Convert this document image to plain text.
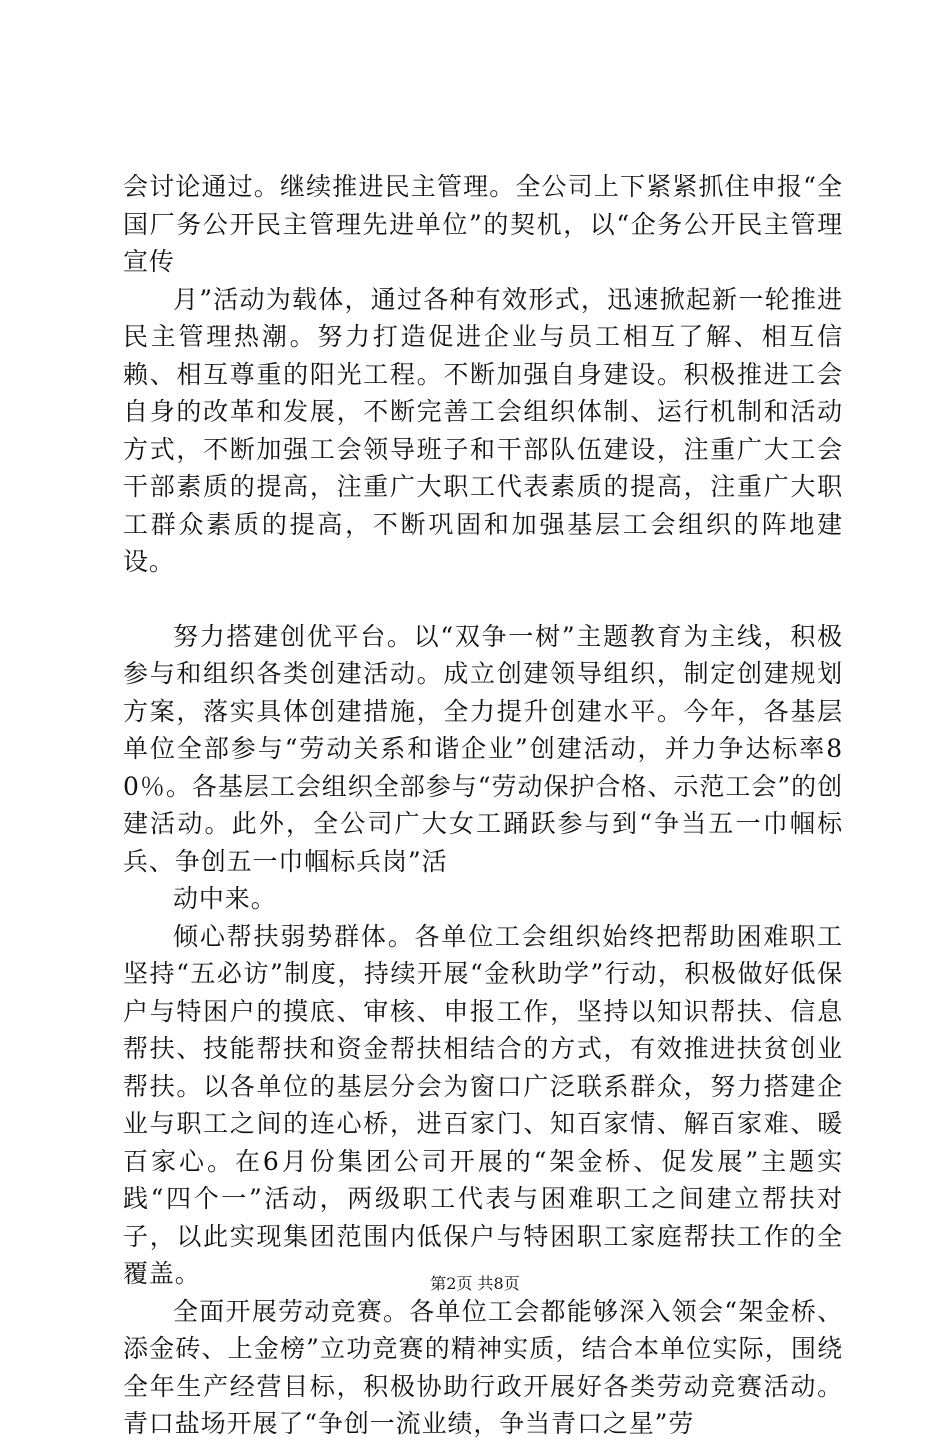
会讨论通过。继续推进民主管理。全公司上下紧紧抓住申报“全国厂务公开民主管理先进单位”的契机，以“企务公开民主管理宣传

月”活动为载体，通过各种有效形式，迅速掀起新一轮推进民主管理热潮。努力打造促进企业与员工相互了解、相互信赖、相互尊重的阳光工程。不断加强自身建设。积极推进工会自身的改革和发展，不断完善工会组织体制、运行机制和活动方式，不断加强工会领导班子和干部队伍建设，注重广大工会干部素质的提高，注重广大职工代表素质的提高，注重广大职工群众素质的提高，不断巩固和加强基层工会组织的阵地建设。

努力搭建创优平台。以“双争一树”主题教育为主线，积极参与和组织各类创建活动。成立创建领导组织，制定创建规划方案，落实具体创建措施，全力提升创建水平。今年，各基层单位全部参与“劳动关系和谐企业”创建活动，并力争达标率80％。各基层工会组织全部参与“劳动保护合格、示范工会”的创建活动。此外，全公司广大女工踊跃参与到“争当五一巾帼标兵、争创五一巾帼标兵岗”活

动中来。

倾心帮扶弱势群体。各单位工会组织始终把帮助困难职工坚持“五必访”制度，持续开展“金秋助学”行动，积极做好低保户与特困户的摸底、审核、申报工作，坚持以知识帮扶、信息帮扶、技能帮扶和资金帮扶相结合的方式，有效推进扶贫创业帮扶。以各单位的基层分会为窗口广泛联系群众，努力搭建企业与职工之间的连心桥，进百家门、知百家情、解百家难、暖百家心。在6月份集团公司开展的“架金桥、促发展”主题实践“四个一”活动，两级职工代表与困难职工之间建立帮扶对子，以此实现集团范围内低保户与特困职工家庭帮扶工作的全覆盖。

全面开展劳动竞赛。各单位工会都能够深入领会“架金桥、添金砖、上金榜”立功竞赛的精神实质，结合本单位实际，围绕全年生产经营目标，积极协助行政开展好各类劳动竞赛活动。青口盐场开展了“争创一流业绩，争当青口之星”劳

第2页 共8页
